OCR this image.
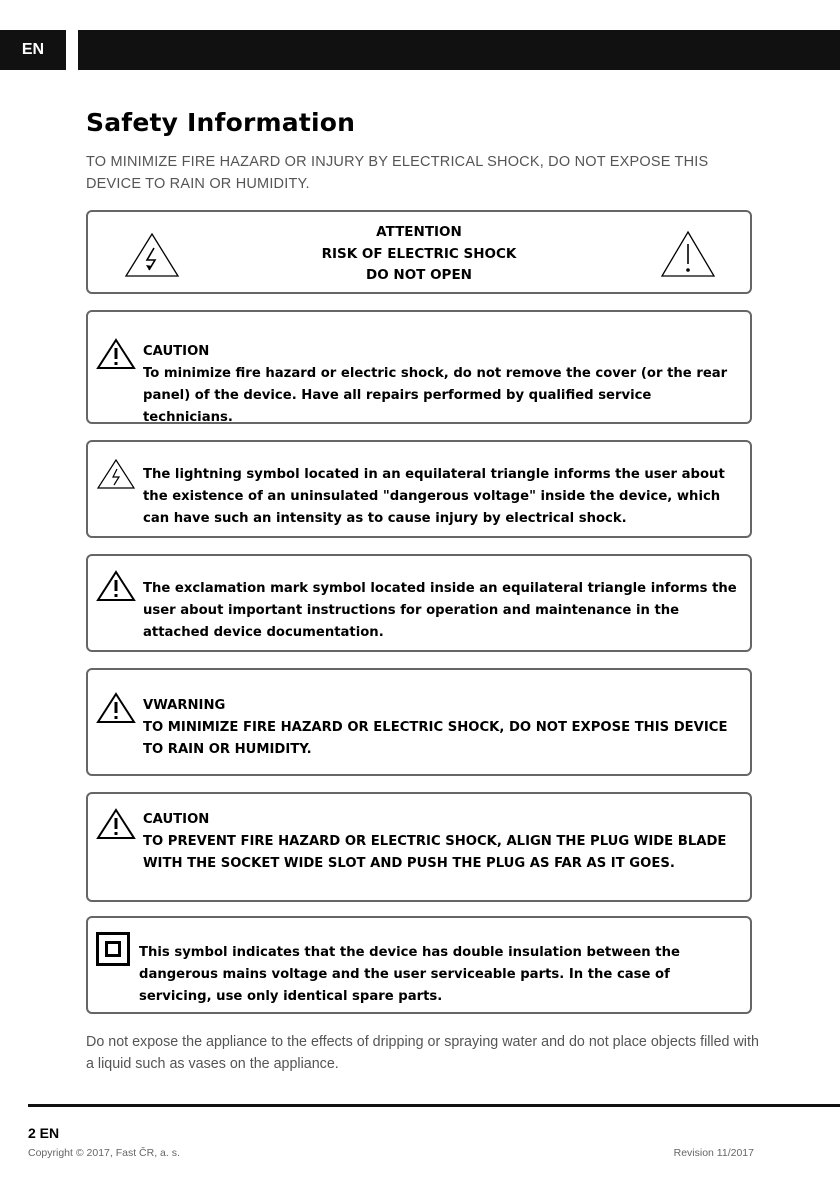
EN
Safety Information

TO MINIMIZE FIRE HAZARD OR INJURY BY ELECTRICAL SHOCK, DO NOT EXPOSE THIS DEVICE TO RAIN OR HUMIDITY.

ATTENTION

RISK OF ELECTRIC SHOCK

DO NOT OPEN

CAUTION

To minimize fire hazard or electric shock, do not remove the cover (or the rear panel) of the device. Have all repairs performed by qualified service technicians.

The lightning symbol located in an equilateral triangle informs the user about the existence of an uninsulated "dangerous voltage" inside the device, which can have such an intensity as to cause injury by electrical shock.
The exclamation mark symbol located inside an equilateral triangle informs the user about important instructions for operation and maintenance in the attached device documentation.

VWARNING

TO MINIMIZE FIRE HAZARD OR ELECTRIC SHOCK, DO NOT EXPOSE THIS DEVICE TO RAIN OR HUMIDITY.

CAUTION

TO PREVENT FIRE HAZARD OR ELECTRIC SHOCK, ALIGN THE PLUG WIDE BLADE WITH THE SOCKET WIDE SLOT AND PUSH THE PLUG AS FAR AS IT GOES.

This symbol indicates that the device has double insulation between the dangerous mains voltage and the user serviceable parts. In the case of servicing, use only identical spare parts.

Do not expose the appliance to the effects of dripping or spraying water and do not place objects filled with a liquid such as vases on the appliance.

2 EN
Copyright © 2017, Fast ČR, a. s.	Revision 11/2017
